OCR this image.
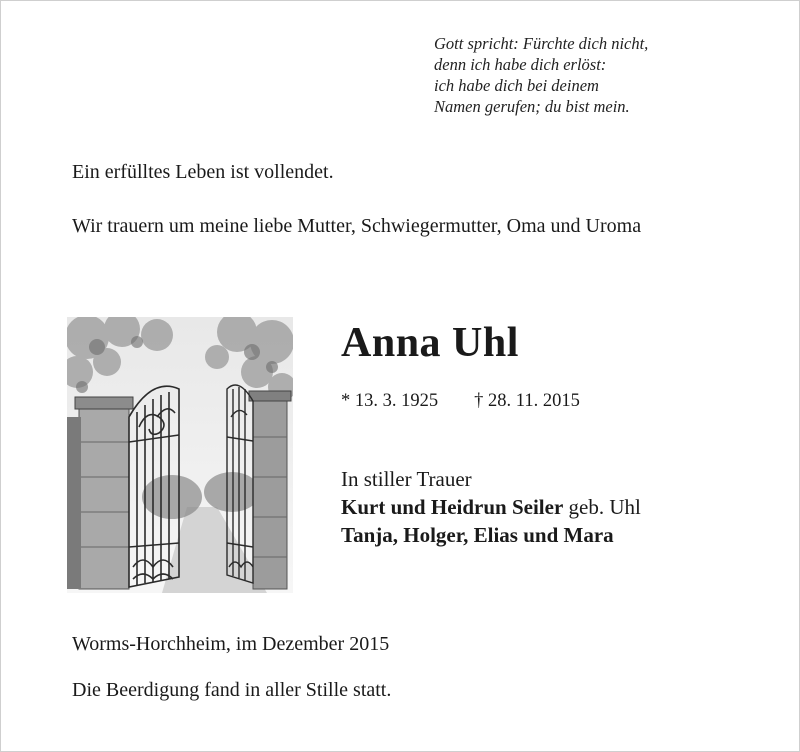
Gott spricht: Fürchte dich nicht,
denn ich habe dich erlöst:
ich habe dich bei deinem
Namen gerufen; du bist mein.
Ein erfülltes Leben ist vollendet.
Wir trauern um meine liebe Mutter, Schwiegermutter, Oma und Uroma
Anna Uhl
* 13. 3. 1925 † 28. 11. 2015
In stiller Trauer
Kurt und Heidrun Seiler geb. Uhl
Tanja, Holger, Elias und Mara
Worms-Horchheim, im Dezember 2015
Die Beerdigung fand in aller Stille statt.
